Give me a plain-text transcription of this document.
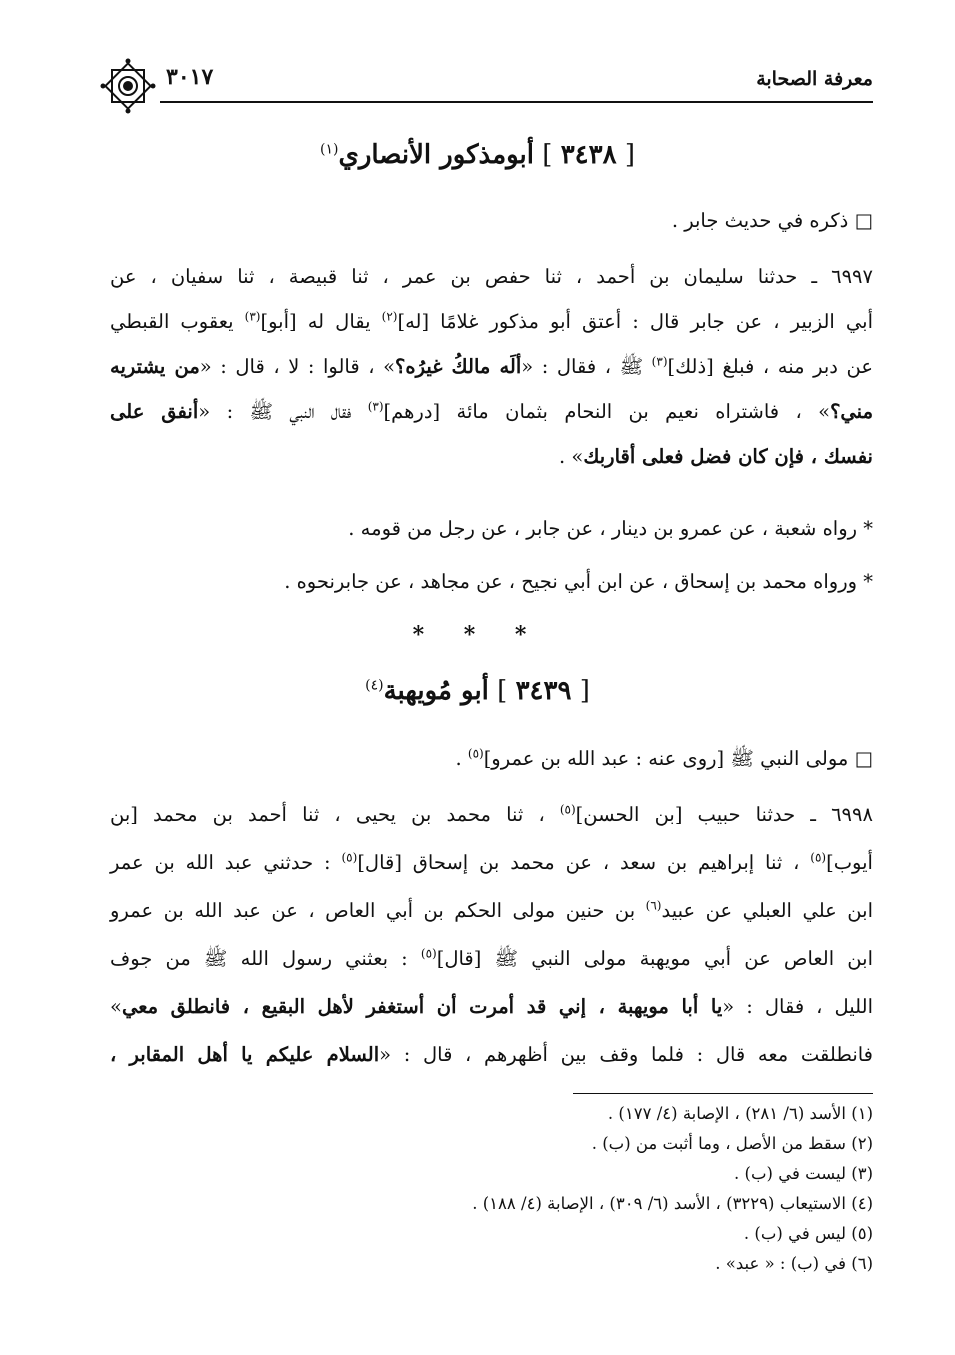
معرفة الصحابة
٣٠١٧
[ ٣٤٣٨ ] أبومذكور الأنصاري$^{(١)}$
□ ذكره في حديث جابر .
٦٩٩٧ ـ حدثنا سليمان بن أحمد ، ثنا حفص بن عمر ، ثنا قبيصة ، ثنا سفيان ، عن
أبي الزبير ، عن جابر قال : أعتق أبو مذكور غلامًا [له]$^{(٢)}$ يقال له [أبو]$^{(٣)}$ يعقوب القبطي
عن دبر منه ، فبلغ [ذلك]$^{(٣)}$ ﷺ ، فقال : «ألَه مالكُ غيرُه؟» ، قالوا : لا ، قال : «من يشتريه
مني؟» ، فاشتراه نعيم بن النحام بثمان مائة [درهم]$^{(٣)}$ فقال النبي ﷺ : «أنفق على
نفسك ، فإن كان فضل فعلى أقاربك» .
* رواه شعبة ، عن عمرو بن دينار ، عن جابر ، عن رجل من قومه .
* ورواه محمد بن إسحاق ، عن ابن أبي نجيح ، عن مجاهد ، عن جابرنحوه .
* * *
[ ٣٤٣٩ ] أبو مُويهبة$^{(٤)}$
□ مولى النبي ﷺ [روى عنه : عبد الله بن عمرو]$^{(٥)}$ .
٦٩٩٨ ـ حدثنا حبيب [بن الحسن]$^{(٥)}$ ، ثنا محمد بن يحيى ، ثنا أحمد بن محمد [بن
أيوب]$^{(٥)}$ ، ثنا إبراهيم بن سعد ، عن محمد بن إسحاق [قال]$^{(٥)}$ : حدثني عبد الله بن عمر
ابن علي العبلي عن عبيد$^{(٦)}$ بن حنين مولى الحكم بن أبي العاص ، عن عبد الله بن عمرو
ابن العاص عن أبي مويهبة مولى النبي ﷺ [قال]$^{(٥)}$ : بعثني رسول الله ﷺ من جوف
الليل ، فقال : «يا أبا مويهبة ، إني قد أمرت أن أستغفر لأهل البقيع ، فانطلق معي»
فانطلقت معه قال : فلما وقف بين أظهرهم ، قال : «السلام عليكم يا أهل المقابر ،
(١) الأسد (٦/ ٢٨١) ، الإصابة (٤/ ١٧٧) .
(٢) سقط من الأصل ، وما أثبت من (ب) .
(٣) ليست في (ب) .
(٤) الاستيعاب (٣٢٢٩) ، الأسد (٦/ ٣٠٩) ، الإصابة (٤/ ١٨٨) .
(٥) ليس في (ب) .
(٦) في (ب) : « عبد» .
